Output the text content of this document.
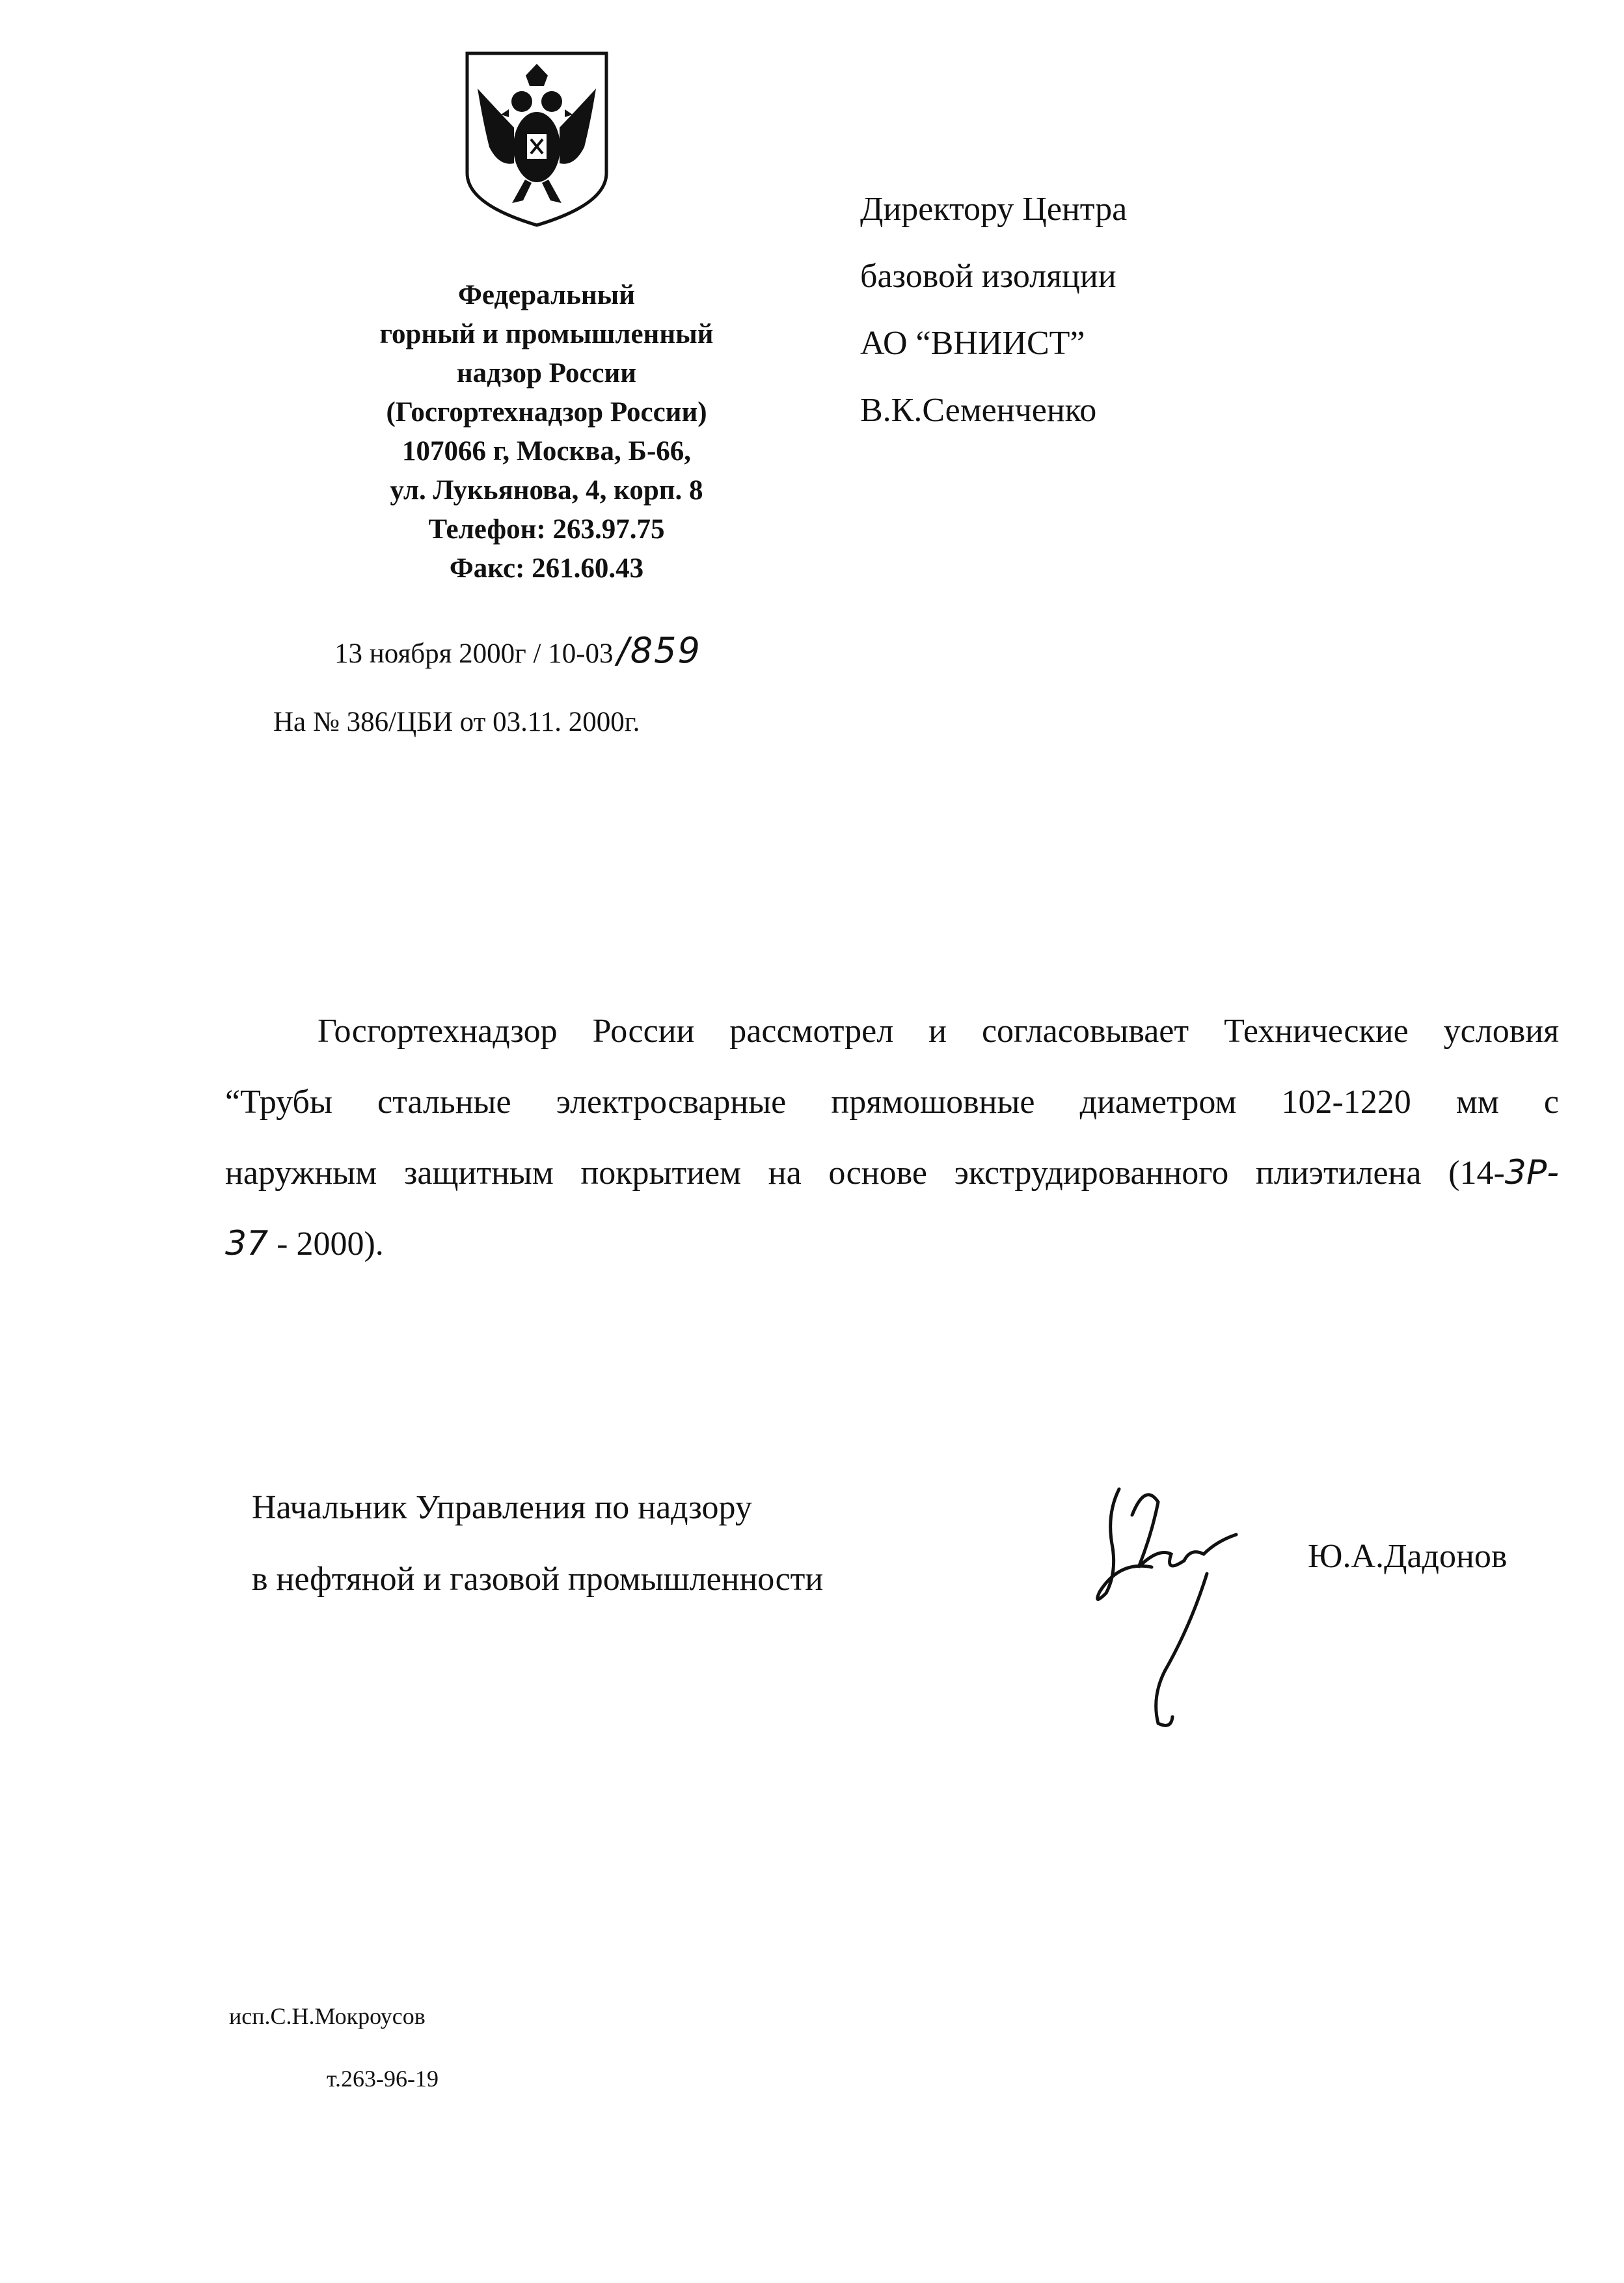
Федеральный
горный и промышленный
надзор России
(Госгортехнадзор России)
107066 г, Москва, Б-66,
ул. Лукьянова, 4, корп. 8
Телефон: 263.97.75
Факс: 261.60.43
Директору Центра
базовой изоляции
АО “ВНИИСТ”
В.К.Семенченко
13 ноября 2000г / 10-03 /859
На № 386/ЦБИ от 03.11. 2000г.
Госгортехнадзор России рассмотрел и согласовывает Технические условия
“Трубы стальные электросварные прямошовные диаметром 102-1220 мм с
наружным защитным покрытием на основе экструдированного плиэтилена (14-3Р-
37 - 2000).
Начальник Управления по надзору
в нефтяной и газовой промышленности
Ю.А.Дадонов
исп.С.Н.Мокроусов
т.263-96-19
